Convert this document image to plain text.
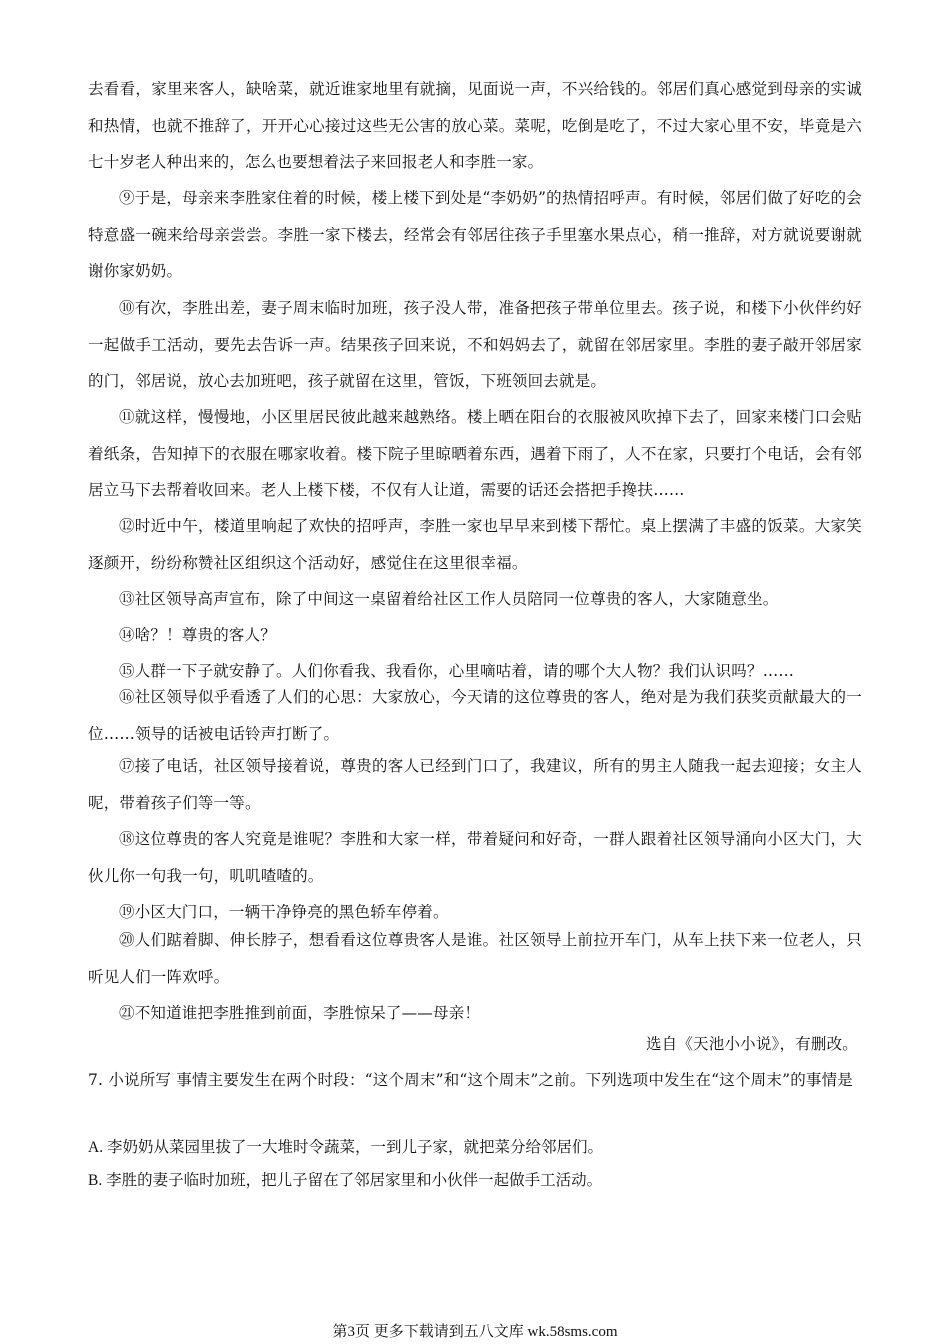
去看看，家里来客人，缺啥菜，就近谁家地里有就摘，见面说一声，不兴给钱的。邻居们真心感觉到母亲的实诚和热情，也就不推辞了，开开心心接过这些无公害的放心菜。菜呢，吃倒是吃了，不过大家心里不安，毕竟是六七十岁老人种出来的，怎么也要想着法子来回报老人和李胜一家。

⑨于是，母亲来李胜家住着的时候，楼上楼下到处是“李奶奶”的热情招呼声。有时候，邻居们做了好吃的会特意盛一碗来给母亲尝尝。李胜一家下楼去，经常会有邻居往孩子手里塞水果点心，稍一推辞，对方就说要谢就谢你家奶奶。

⑩有次，李胜出差，妻子周末临时加班，孩子没人带，准备把孩子带单位里去。孩子说，和楼下小伙伴约好一起做手工活动，要先去告诉一声。结果孩子回来说，不和妈妈去了，就留在邻居家里。李胜的妻子敲开邻居家的门，邻居说，放心去加班吧，孩子就留在这里，管饭，下班领回去就是。

⑪就这样，慢慢地，小区里居民彼此越来越熟络。楼上晒在阳台的衣服被风吹掉下去了，回家来楼门口会贴着纸条，告知掉下的衣服在哪家收着。楼下院子里晾晒着东西，遇着下雨了，人不在家，只要打个电话，会有邻居立马下去帮着收回来。老人上楼下楼，不仅有人让道，需要的话还会搭把手搀扶……

⑫时近中午，楼道里响起了欢快的招呼声，李胜一家也早早来到楼下帮忙。桌上摆满了丰盛的饭菜。大家笑逐颜开，纷纷称赞社区组织这个活动好，感觉住在这里很幸福。

⑬社区领导高声宣布，除了中间这一桌留着给社区工作人员陪同一位尊贵的客人，大家随意坐。

⑭啥？！尊贵的客人？

⑮人群一下子就安静了。人们你看我、我看你，心里嘀咕着，请的哪个大人物？我们认识吗？……

⑯社区领导似乎看透了人们的心思：大家放心，今天请的这位尊贵的客人，绝对是为我们获奖贡献最大的一位……领导的话被电话铃声打断了。

⑰接了电话，社区领导接着说，尊贵的客人已经到门口了，我建议，所有的男主人随我一起去迎接；女主人呢，带着孩子们等一等。

⑱这位尊贵的客人究竟是谁呢？李胜和大家一样，带着疑问和好奇，一群人跟着社区领导涌向小区大门，大伙儿你一句我一句，叽叽喳喳的。

⑲小区大门口，一辆干净铮亮的黑色轿车停着。

⑳人们踮着脚、伸长脖子，想看看这位尊贵客人是谁。社区领导上前拉开车门，从车上扶下来一位老人，只听见人们一阵欢呼。

㉑不知道谁把李胜推到前面，李胜惊呆了——母亲！

选自《天池小小说》，有删改。

7. 小说所写 事情主要发生在两个时段：“这个周末”和“这个周末”之前。下列选项中发生在“这个周末”的事情是

A. 李奶奶从菜园里拔了一大堆时令蔬菜，一到儿子家，就把菜分给邻居们。

B. 李胜的妻子临时加班，把儿子留在了邻居家里和小伙伴一起做手工活动。

第3页 更多下载请到五八文库 wk.58sms.com
